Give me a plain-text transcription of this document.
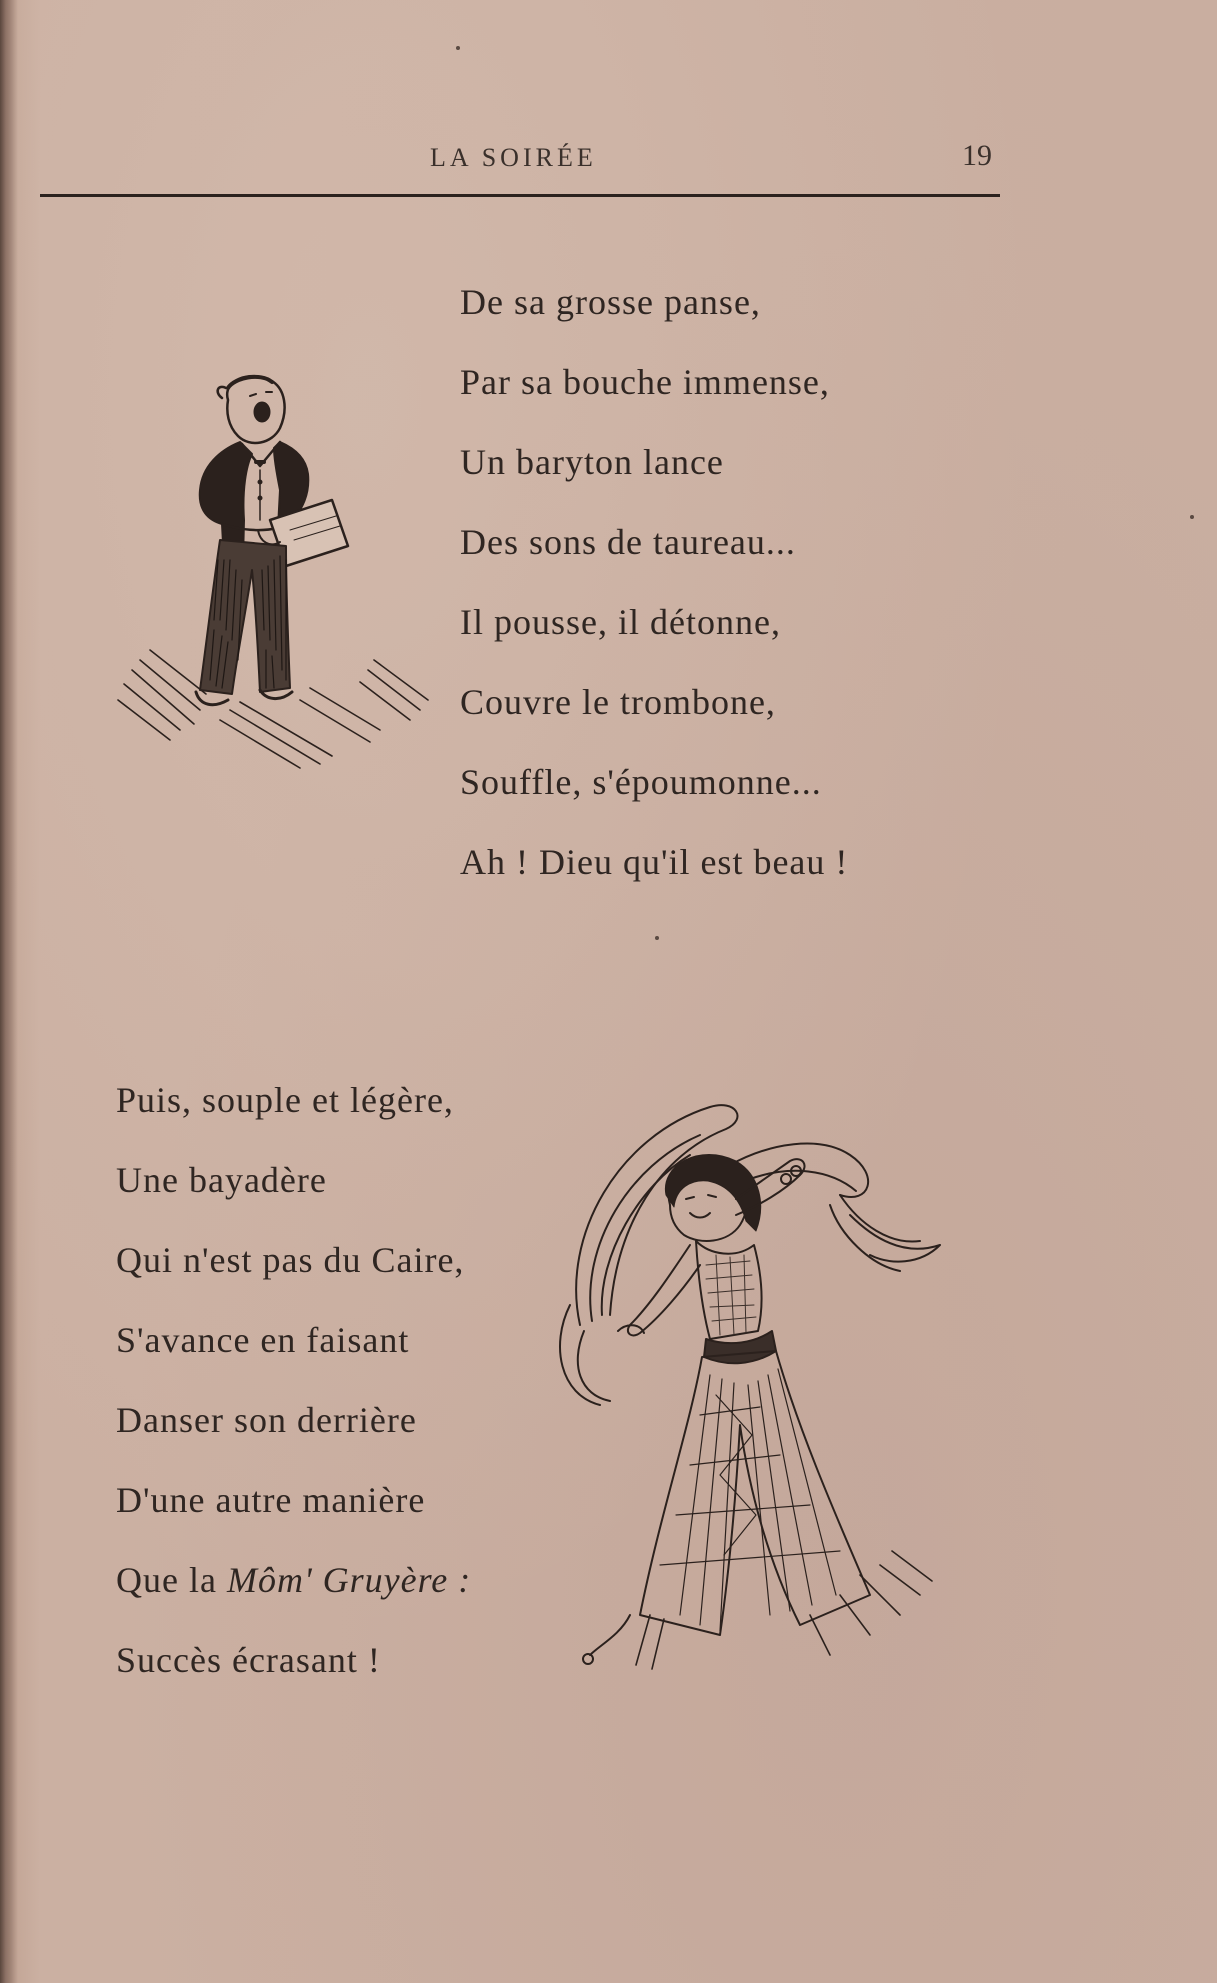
LA SOIRÉE	19
De sa grosse panse,
Par sa bouche immense,
Un baryton lance
Des sons de taureau...
Il pousse, il détonne,
Couvre le trombone,
Souffle, s'époumonne...
Ah ! Dieu qu'il est beau !
Puis, souple et légère,
Une bayadère
Qui n'est pas du Caire,
S'avance en faisant
Danser son derrière
D'une autre manière
Que la Môm' Gruyère :
Succès écrasant !
